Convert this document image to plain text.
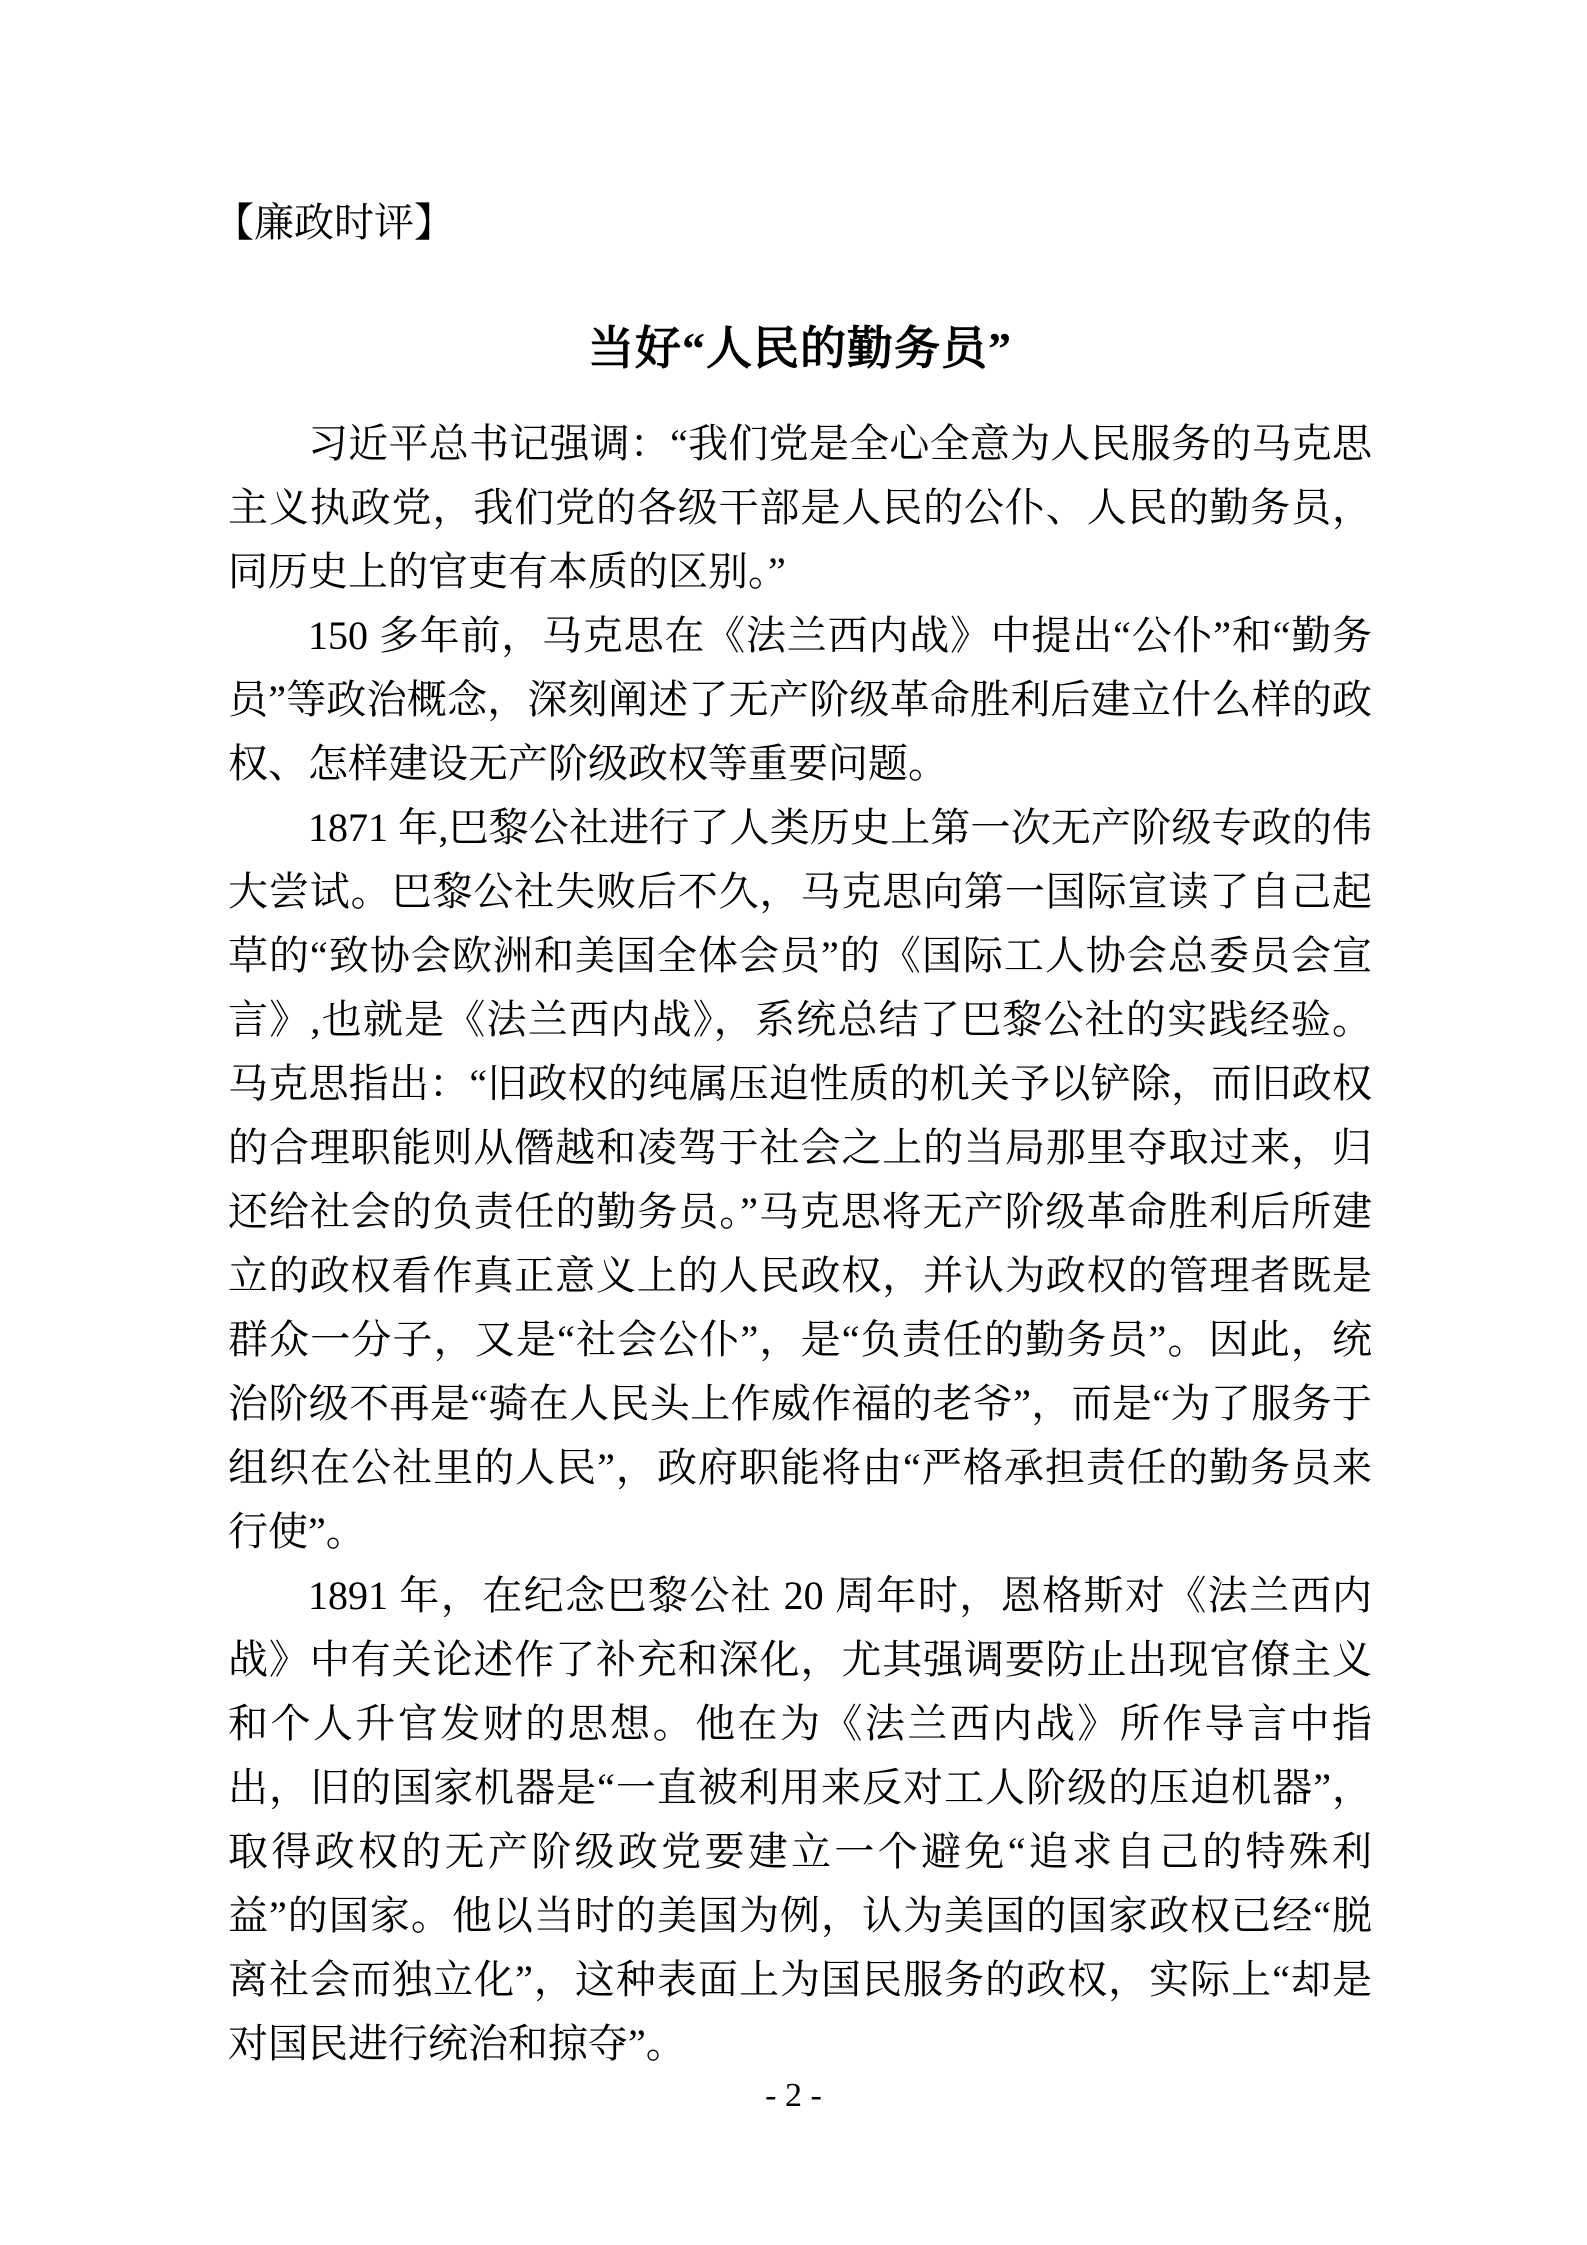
【廉政时评】
当好“人民的勤务员”

习近平总书记强调：“我们党是全心全意为人民服务的马克思主义执政党，我们党的各级干部是人民的公仆、人民的勤务员，同历史上的官吏有本质的区别。”

150 多年前，马克思在《法兰西内战》中提出“公仆”和“勤务员”等政治概念，深刻阐述了无产阶级革命胜利后建立什么样的政权、怎样建设无产阶级政权等重要问题。

1871 年,巴黎公社进行了人类历史上第一次无产阶级专政的伟大尝试。巴黎公社失败后不久，马克思向第一国际宣读了自己起草的“致协会欧洲和美国全体会员”的《国际工人协会总委员会宣言》,也就是《法兰西内战》，系统总结了巴黎公社的实践经验。马克思指出：“旧政权的纯属压迫性质的机关予以铲除，而旧政权的合理职能则从僭越和凌驾于社会之上的当局那里夺取过来，归还给社会的负责任的勤务员。”马克思将无产阶级革命胜利后所建立的政权看作真正意义上的人民政权，并认为政权的管理者既是群众一分子，又是“社会公仆”，是“负责任的勤务员”。因此，统治阶级不再是“骑在人民头上作威作福的老爷”，而是“为了服务于组织在公社里的人民”，政府职能将由“严格承担责任的勤务员来行使”。

1891 年，在纪念巴黎公社 20 周年时，恩格斯对《法兰西内战》中有关论述作了补充和深化，尤其强调要防止出现官僚主义和个人升官发财的思想。他在为《法兰西内战》所作导言中指出，旧的国家机器是“一直被利用来反对工人阶级的压迫机器”，取得政权的无产阶级政党要建立一个避免“追求自己的特殊利益”的国家。他以当时的美国为例，认为美国的国家政权已经“脱离社会而独立化”，这种表面上为国民服务的政权，实际上“却是对国民进行统治和掠夺”。

- 2 -
